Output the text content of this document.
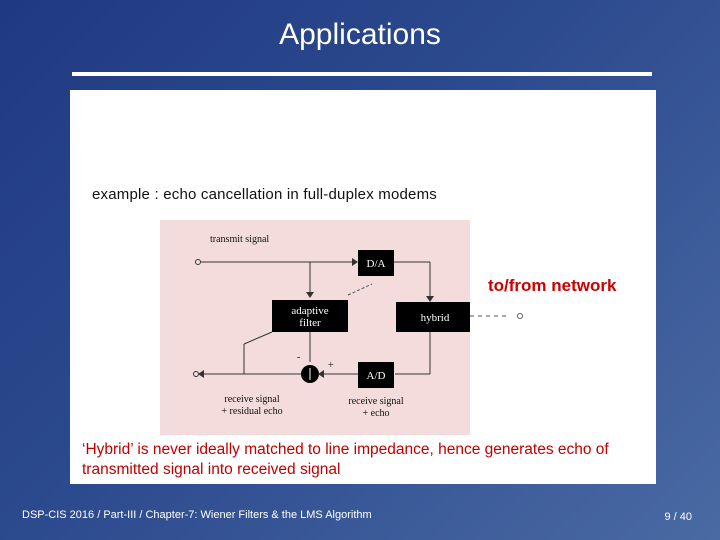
Applications
example : echo cancellation in full-duplex modems
transmit signal
D/A
adaptive
filter	hybrid
-
A/D
+
receive signal
+ residual echo
receive signal
+ echo
to/from network
‘Hybrid’ is never ideally matched to line impedance, hence generates echo of transmitted signal into received signal
DSP-CIS 2016 / Part-III / Chapter-7: Wiener Filters & the LMS Algorithm	9 / 40
